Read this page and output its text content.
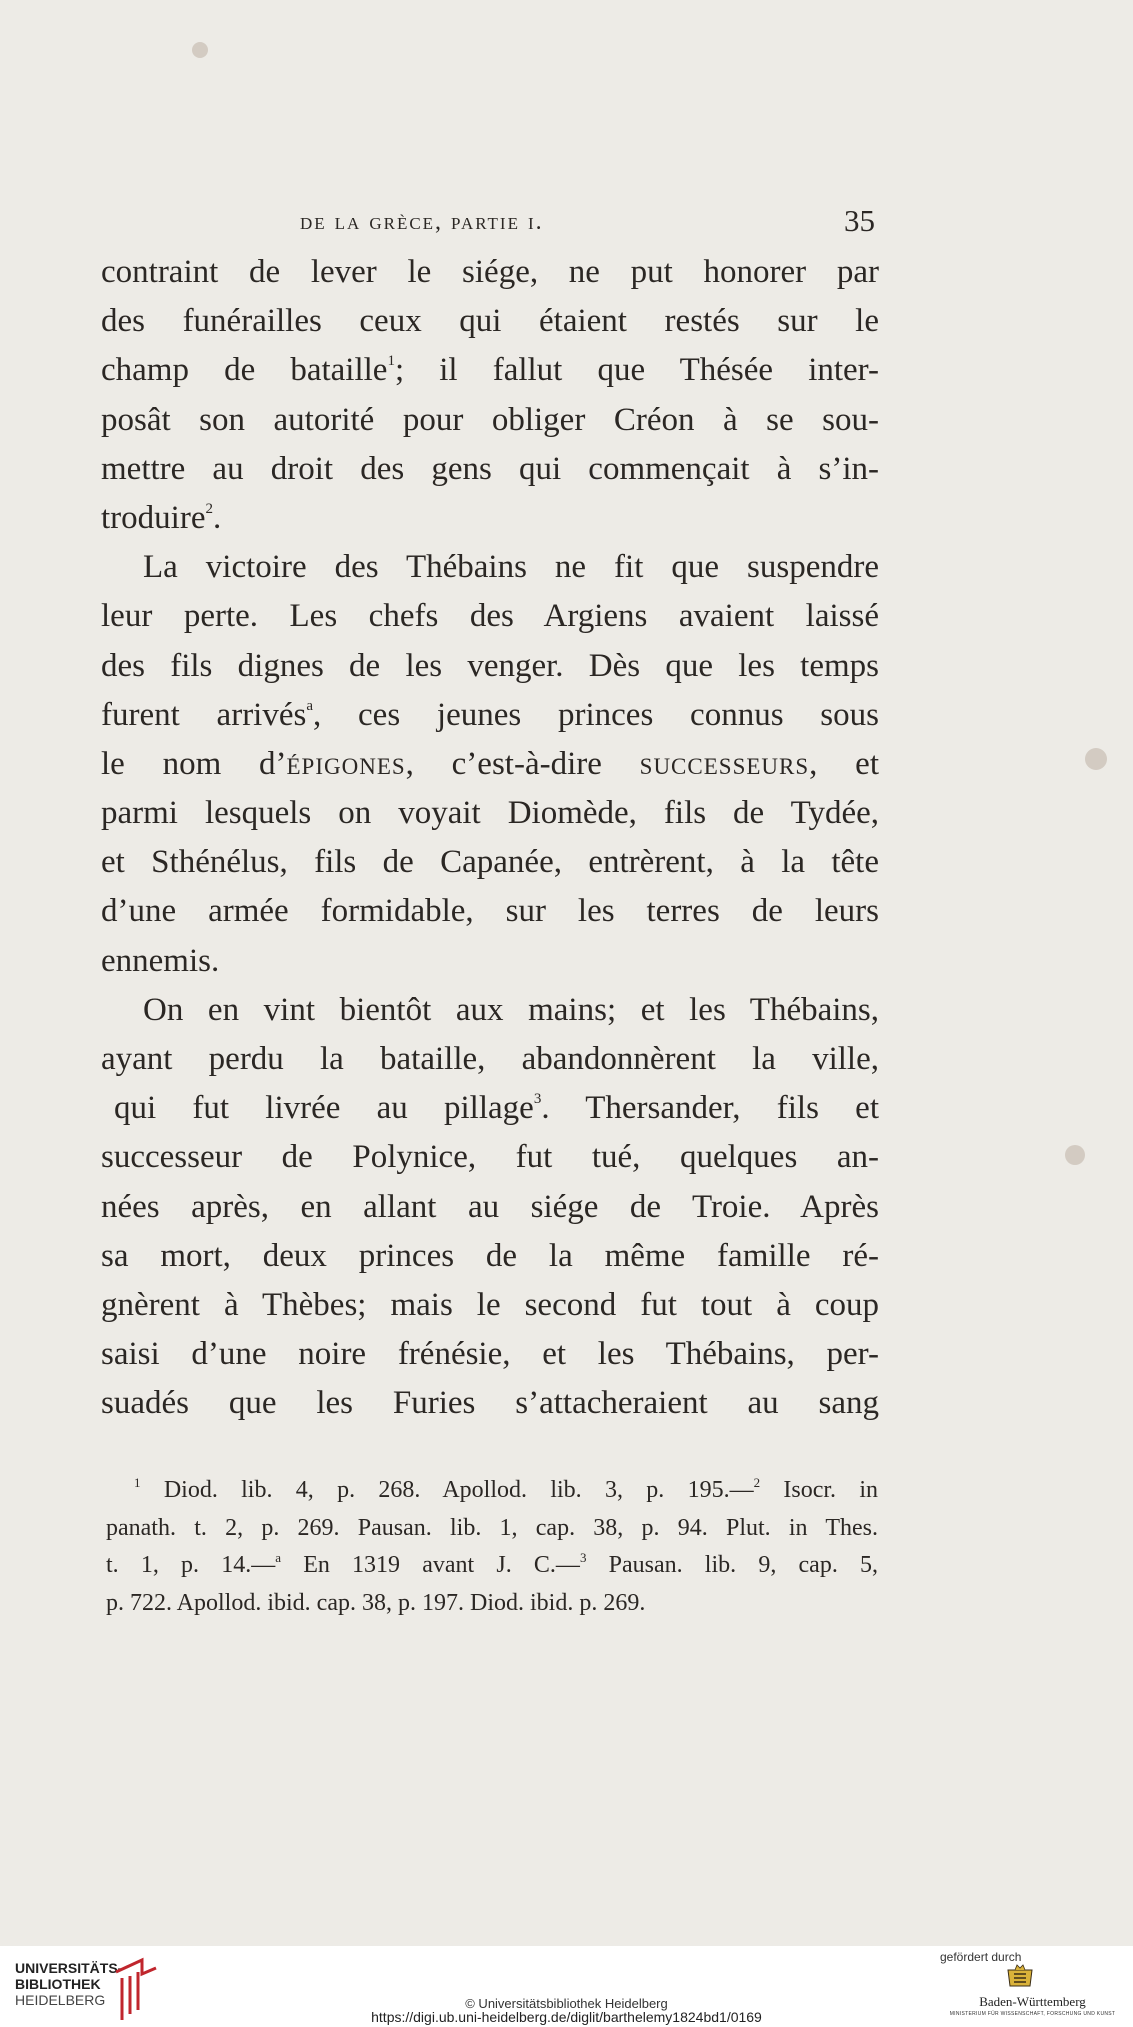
de la grèce, partie i.	35
contraint de lever le siége, ne put honorer par
des funérailles ceux qui étaient restés sur le
champ de bataille$^1$; il fallut que Thésée inter-
posât son autorité pour obliger Créon à se sou-
mettre au droit des gens qui commençait à s’in-
troduire$^2$.
La victoire des Thébains ne fit que suspendre
leur perte. Les chefs des Argiens avaient laissé
des fils dignes de les venger. Dès que les temps
furent arrivés$^a$, ces jeunes princes connus sous
le nom d’épigones, c’est-à-dire successeurs, et
parmi lesquels on voyait Diomède, fils de Tydée,
et Sthénélus, fils de Capanée, entrèrent, à la tête
d’une armée formidable, sur les terres de leurs
ennemis.
On en vint bientôt aux mains; et les Thébains,
ayant perdu la bataille, abandonnèrent la ville,
qui fut livrée au pillage$^3$. Thersander, fils et
successeur de Polynice, fut tué, quelques an-
nées après, en allant au siége de Troie. Après
sa mort, deux princes de la même famille ré-
gnèrent à Thèbes; mais le second fut tout à coup
saisi d’une noire frénésie, et les Thébains, per-
suadés que les Furies s’attacheraient au sang
$^1$ Diod. lib. 4, p. 268. Apollod. lib. 3, p. 195.—$^2$ Isocr. in
panath. t. 2, p. 269. Pausan. lib. 1, cap. 38, p. 94. Plut. in Thes.
t. 1, p. 14.—$^a$ En 1319 avant J. C.—$^3$ Pausan. lib. 9, cap. 5,
p. 722. Apollod. ibid. cap. 38, p. 197. Diod. ibid. p. 269.
UNIVERSITÄTS-
BIBLIOTHEK
HEIDELBERG	© Universitätsbibliothek Heidelberg
https://digi.ub.uni-heidelberg.de/diglit/barthelemy1824bd1/0169
gefördert durch
Baden-Württemberg
MINISTERIUM FÜR WISSENSCHAFT, FORSCHUNG UND KUNST
